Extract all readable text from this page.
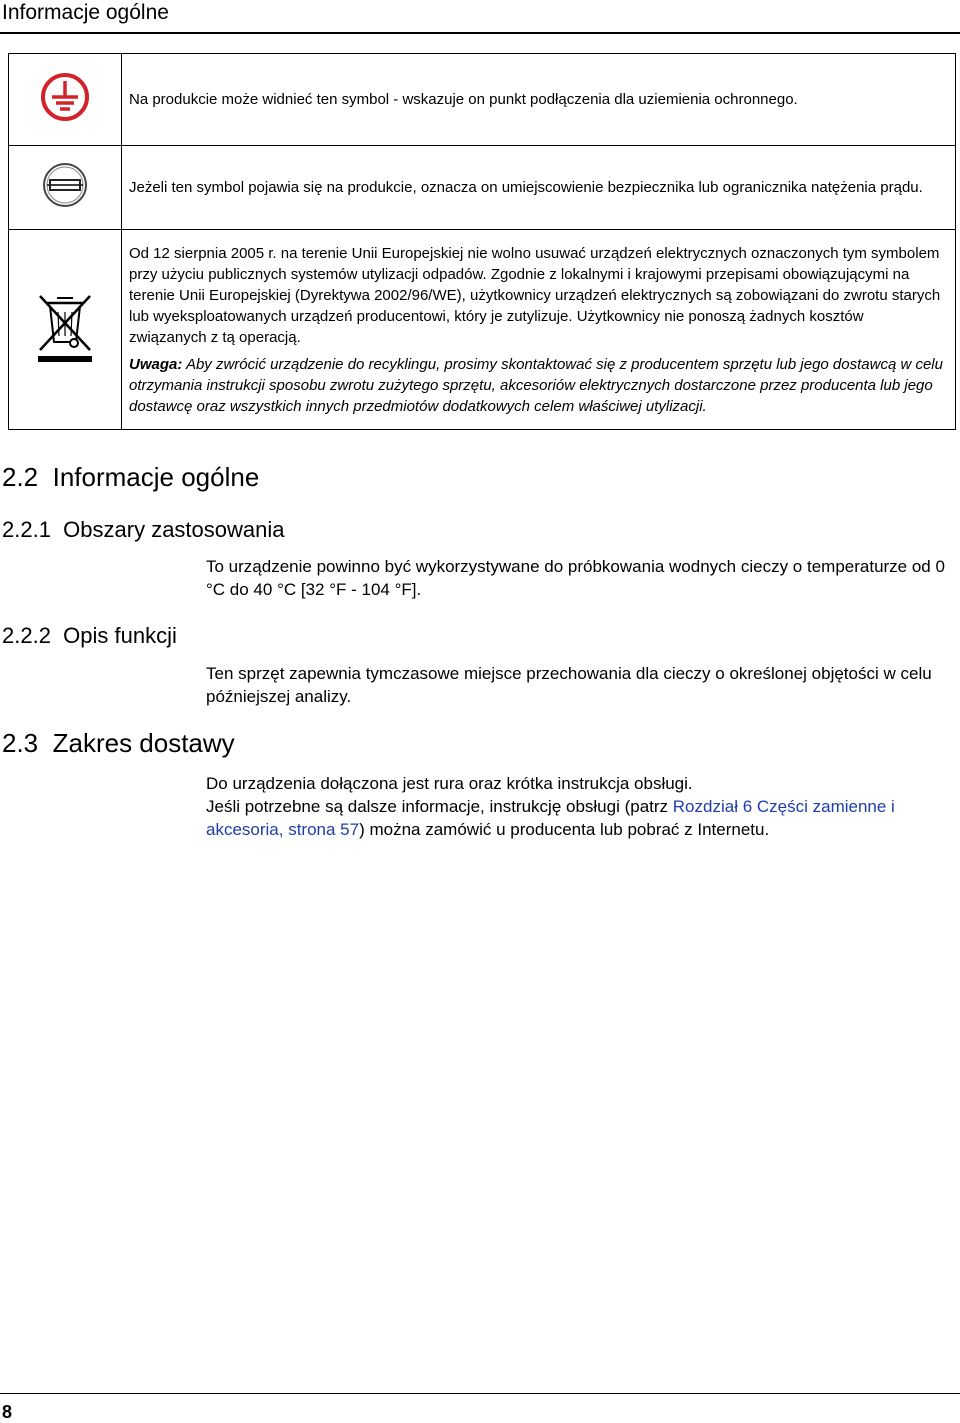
Informacje ogólne
	Na produkcie może widnieć ten symbol - wskazuje on punkt podłączenia dla uziemienia ochronnego.
	Jeżeli ten symbol pojawia się na produkcie, oznacza on umiejscowienie bezpiecznika lub ogranicznika natężenia prądu.

Od 12 sierpnia 2005 r. na terenie Unii Europejskiej nie wolno usuwać urządzeń elektrycznych oznaczonych tym symbolem przy użyciu publicznych systemów utylizacji odpadów. Zgodnie z lokalnymi i krajowymi przepisami obowiązującymi na terenie Unii Europejskiej (Dyrektywa 2002/96/WE), użytkownicy urządzeń elektrycznych są zobowiązani do zwrotu starych lub wyeksploatowanych urządzeń producentowi, który je zutylizuje. Użytkownicy nie ponoszą żadnych kosztów związanych z tą operacją.

Uwaga: Aby zwrócić urządzenie do recyklingu, prosimy skontaktować się z producentem sprzętu lub jego dostawcą w celu otrzymania instrukcji sposobu zwrotu zużytego sprzętu, akcesoriów elektrycznych dostarczone przez producenta lub jego dostawcę oraz wszystkich innych przedmiotów dodatkowych celem właściwej utylizacji.

2.2 Informacje ogólne
2.2.1 Obszary zastosowania

To urządzenie powinno być wykorzystywane do próbkowania wodnych cieczy o temperaturze od 0 °C do 40 °C [32 °F - 104 °F].

2.2.2 Opis funkcji

Ten sprzęt zapewnia tymczasowe miejsce przechowania dla cieczy o określonej objętości w celu późniejszej analizy.

2.3 Zakres dostawy
Do urządzenia dołączona jest rura oraz krótka instrukcja obsługi.
Jeśli potrzebne są dalsze informacje, instrukcję obsługi (patrz Rozdział 6 Części zamienne i akcesoria, strona 57) można zamówić u producenta lub pobrać z Internetu.
8
